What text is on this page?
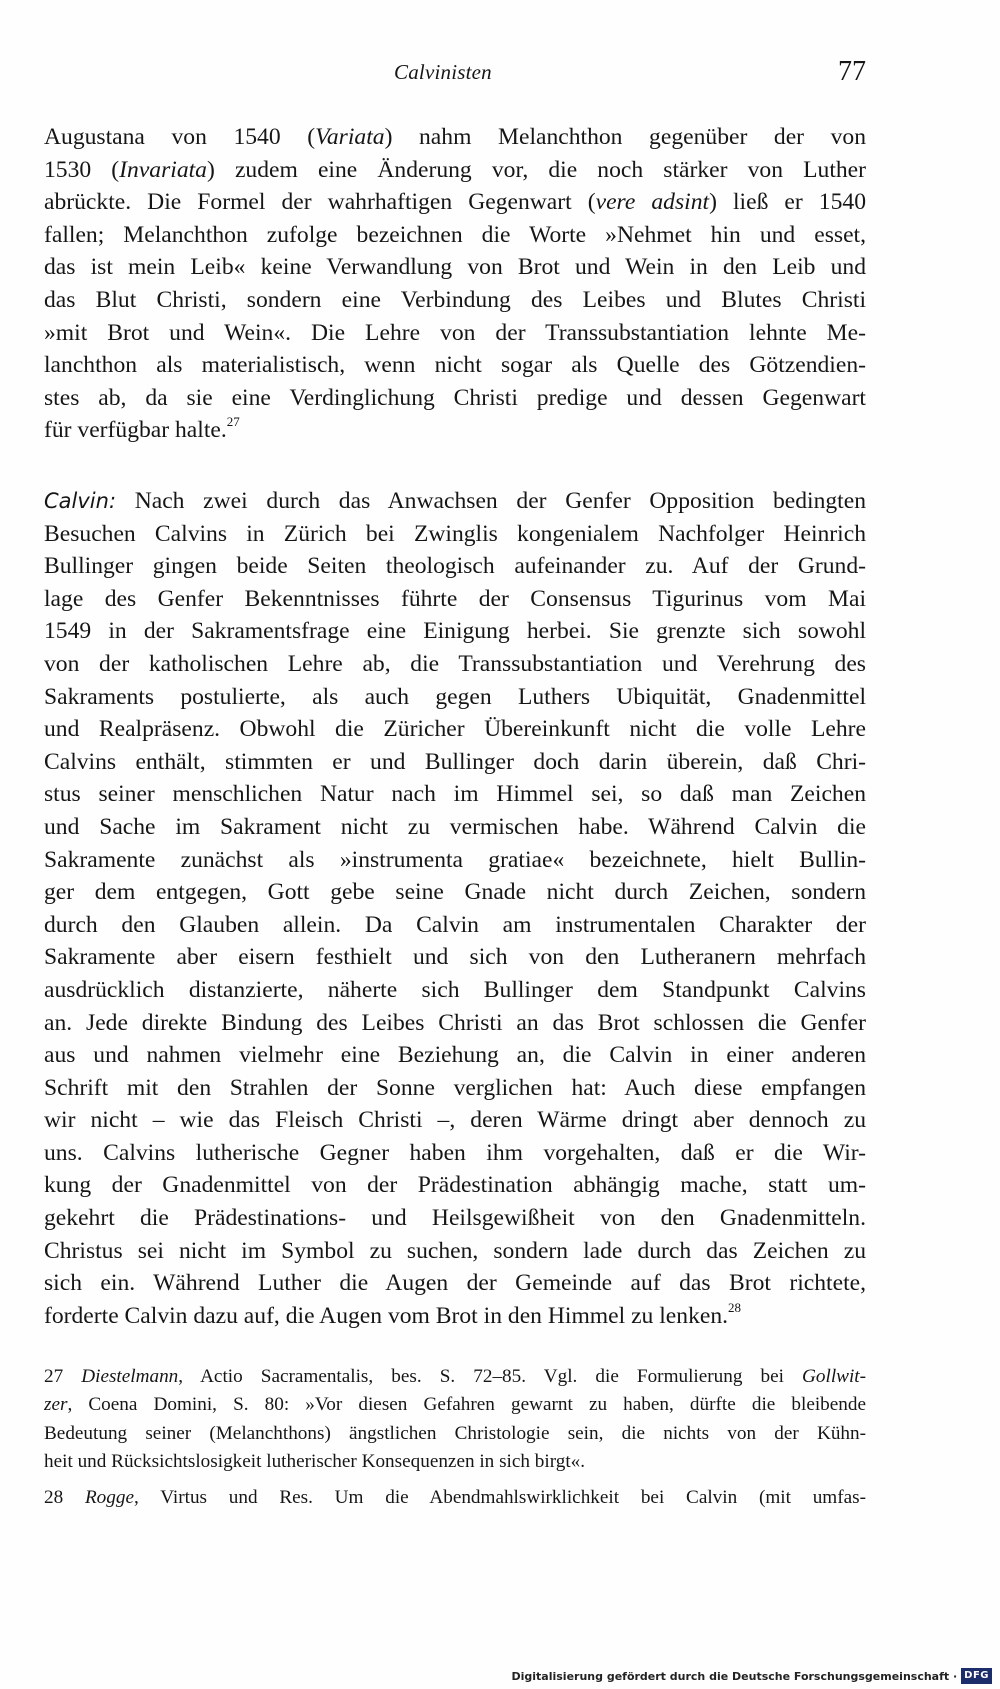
Calvinisten	77
Augustana von 1540 (Variata) nahm Melanchthon gegenüber der von
1530 (Invariata) zudem eine Änderung vor, die noch stärker von Luther
abrückte. Die Formel der wahrhaftigen Gegenwart (vere adsint) ließ er 1540
fallen; Melanchthon zufolge bezeichnen die Worte »Nehmet hin und esset,
das ist mein Leib« keine Verwandlung von Brot und Wein in den Leib und
das Blut Christi, sondern eine Verbindung des Leibes und Blutes Christi
»mit Brot und Wein«. Die Lehre von der Transsubstantiation lehnte Me-
lanchthon als materialistisch, wenn nicht sogar als Quelle des Götzendien-
stes ab, da sie eine Verdinglichung Christi predige und dessen Gegenwart
für verfügbar halte.$^{27}$
Calvin: Nach zwei durch das Anwachsen der Genfer Opposition bedingten
Besuchen Calvins in Zürich bei Zwinglis kongenialem Nachfolger Heinrich
Bullinger gingen beide Seiten theologisch aufeinander zu. Auf der Grund-
lage des Genfer Bekenntnisses führte der Consensus Tigurinus vom Mai
1549 in der Sakramentsfrage eine Einigung herbei. Sie grenzte sich sowohl
von der katholischen Lehre ab, die Transsubstantiation und Verehrung des
Sakraments postulierte, als auch gegen Luthers Ubiquität, Gnadenmittel
und Realpräsenz. Obwohl die Züricher Übereinkunft nicht die volle Lehre
Calvins enthält, stimmten er und Bullinger doch darin überein, daß Chri-
stus seiner menschlichen Natur nach im Himmel sei, so daß man Zeichen
und Sache im Sakrament nicht zu vermischen habe. Während Calvin die
Sakramente zunächst als »instrumenta gratiae« bezeichnete, hielt Bullin-
ger dem entgegen, Gott gebe seine Gnade nicht durch Zeichen, sondern
durch den Glauben allein. Da Calvin am instrumentalen Charakter der
Sakramente aber eisern festhielt und sich von den Lutheranern mehrfach
ausdrücklich distanzierte, näherte sich Bullinger dem Standpunkt Calvins
an. Jede direkte Bindung des Leibes Christi an das Brot schlossen die Genfer
aus und nahmen vielmehr eine Beziehung an, die Calvin in einer anderen
Schrift mit den Strahlen der Sonne verglichen hat: Auch diese empfangen
wir nicht – wie das Fleisch Christi –, deren Wärme dringt aber dennoch zu
uns. Calvins lutherische Gegner haben ihm vorgehalten, daß er die Wir-
kung der Gnadenmittel von der Prädestination abhängig mache, statt um-
gekehrt die Prädestinations- und Heilsgewißheit von den Gnadenmitteln.
Christus sei nicht im Symbol zu suchen, sondern lade durch das Zeichen zu
sich ein. Während Luther die Augen der Gemeinde auf das Brot richtete,
forderte Calvin dazu auf, die Augen vom Brot in den Himmel zu lenken.$^{28}$
27 Diestelmann, Actio Sacramentalis, bes. S. 72–85. Vgl. die Formulierung bei Gollwit-
zer, Coena Domini, S. 80: »Vor diesen Gefahren gewarnt zu haben, dürfte die bleibende
Bedeutung seiner (Melanchthons) ängstlichen Christologie sein, die nichts von der Kühn-
heit und Rücksichtslosigkeit lutherischer Konsequenzen in sich birgt«.
28 Rogge, Virtus und Res. Um die Abendmahlswirklichkeit bei Calvin (mit umfas-
Digitalisierung gefördert durch die Deutsche Forschungsgemeinschaft · DFG
